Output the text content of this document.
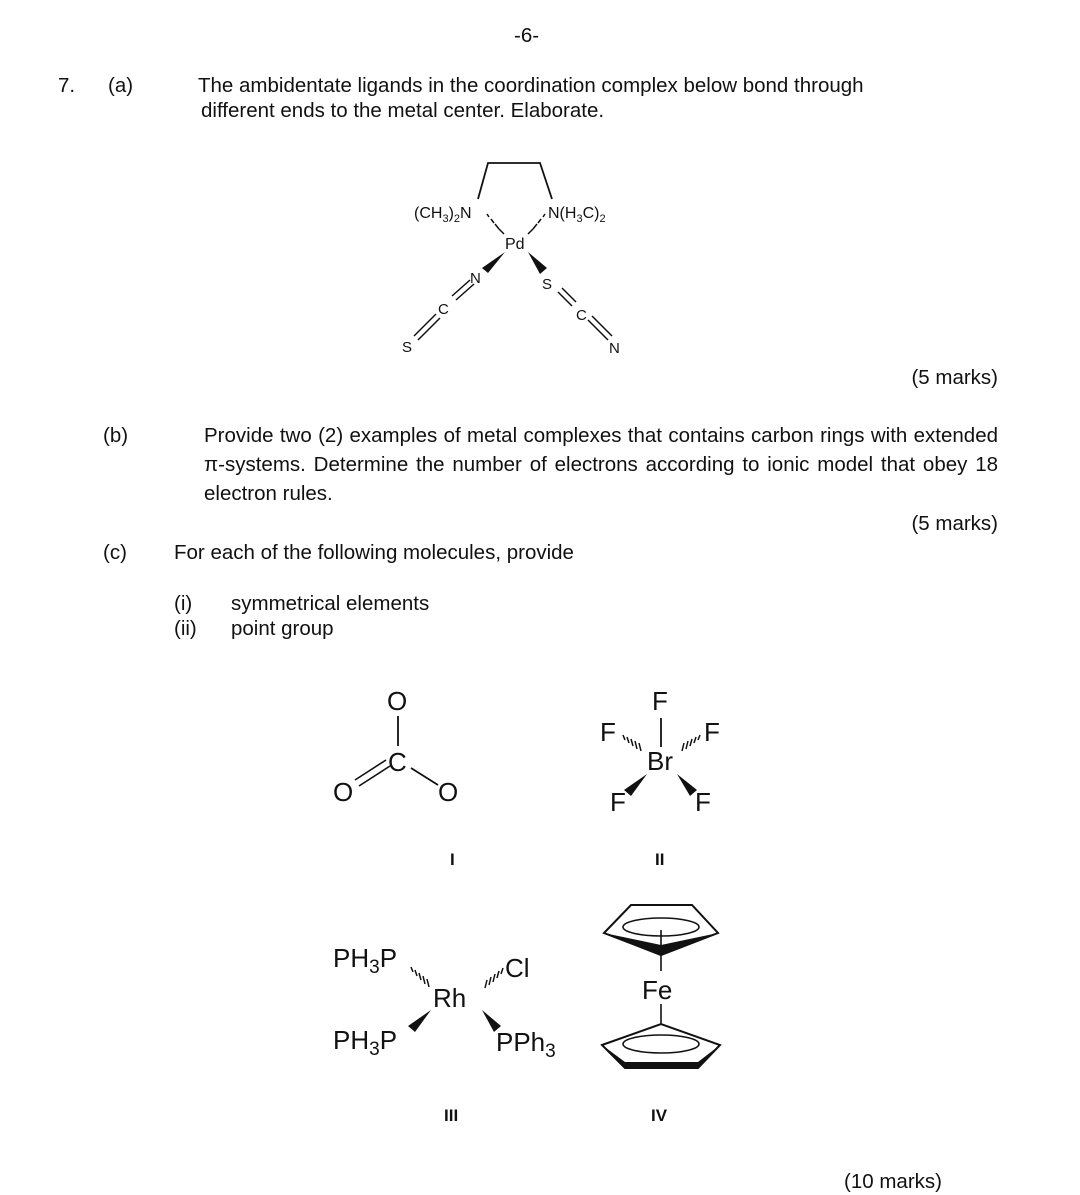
-6-
7. (a)	The ambidentate ligands in the coordination complex below bond through
different ends to the metal center. Elaborate.
$(CH_3)_2N$	$N(H_3C)_2$
Pd
N
C
S
S
C
N
(5 marks)
(b)	Provide two (2) examples of metal complexes that contains carbon rings with extended π-systems. Determine the number of electrons according to ionic model that obey 18 electron rules.
(5 marks)
(c) For each of the following molecules, provide
(i) symmetrical elements
(ii) point group
O
C
O	O
I
F
F	F
Br
F	F
II
$PH_3P$
Rh
Cl
$PH_3P$	PPh$_3$
III
Fe
IV
(10 marks)
